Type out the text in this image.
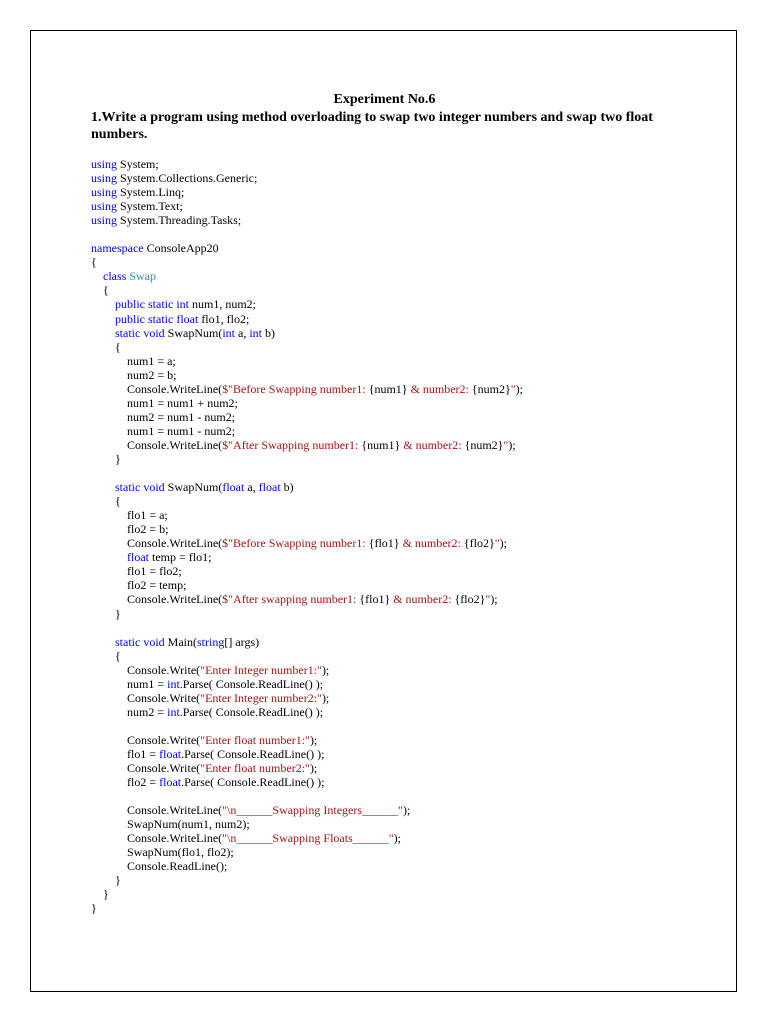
Experiment No.6

1.Write a program using method overloading to swap two integer numbers and swap two float numbers.

using System;
using System.Collections.Generic;
using System.Linq;
using System.Text;
using System.Threading.Tasks;
namespace ConsoleApp20
{
class Swap
{
public static int num1, num2;
public static float flo1, flo2;
static void SwapNum(int a, int b)
{
num1 = a;
num2 = b;
Console.WriteLine($"Before Swapping number1: {num1} & number2: {num2}");
num1 = num1 + num2;
num2 = num1 - num2;
num1 = num1 - num2;
Console.WriteLine($"After Swapping number1: {num1} & number2: {num2}");
}
static void SwapNum(float a, float b)
{
flo1 = a;
flo2 = b;
Console.WriteLine($"Before Swapping number1: {flo1} & number2: {flo2}");
float temp = flo1;
flo1 = flo2;
flo2 = temp;
Console.WriteLine($"After swapping number1: {flo1} & number2: {flo2}");
}
static void Main(string[] args)
{
Console.Write("Enter Integer number1:");
num1 = int.Parse( Console.ReadLine() );
Console.Write("Enter Integer number2:");
num2 = int.Parse( Console.ReadLine() );
Console.Write("Enter float number1:");
flo1 = float.Parse( Console.ReadLine() );
Console.Write("Enter float number2:");
flo2 = float.Parse( Console.ReadLine() );
Console.WriteLine("\n______Swapping Integers______");
SwapNum(num1, num2);
Console.WriteLine("\n______Swapping Floats______");
SwapNum(flo1, flo2);
Console.ReadLine();
}
}
}
